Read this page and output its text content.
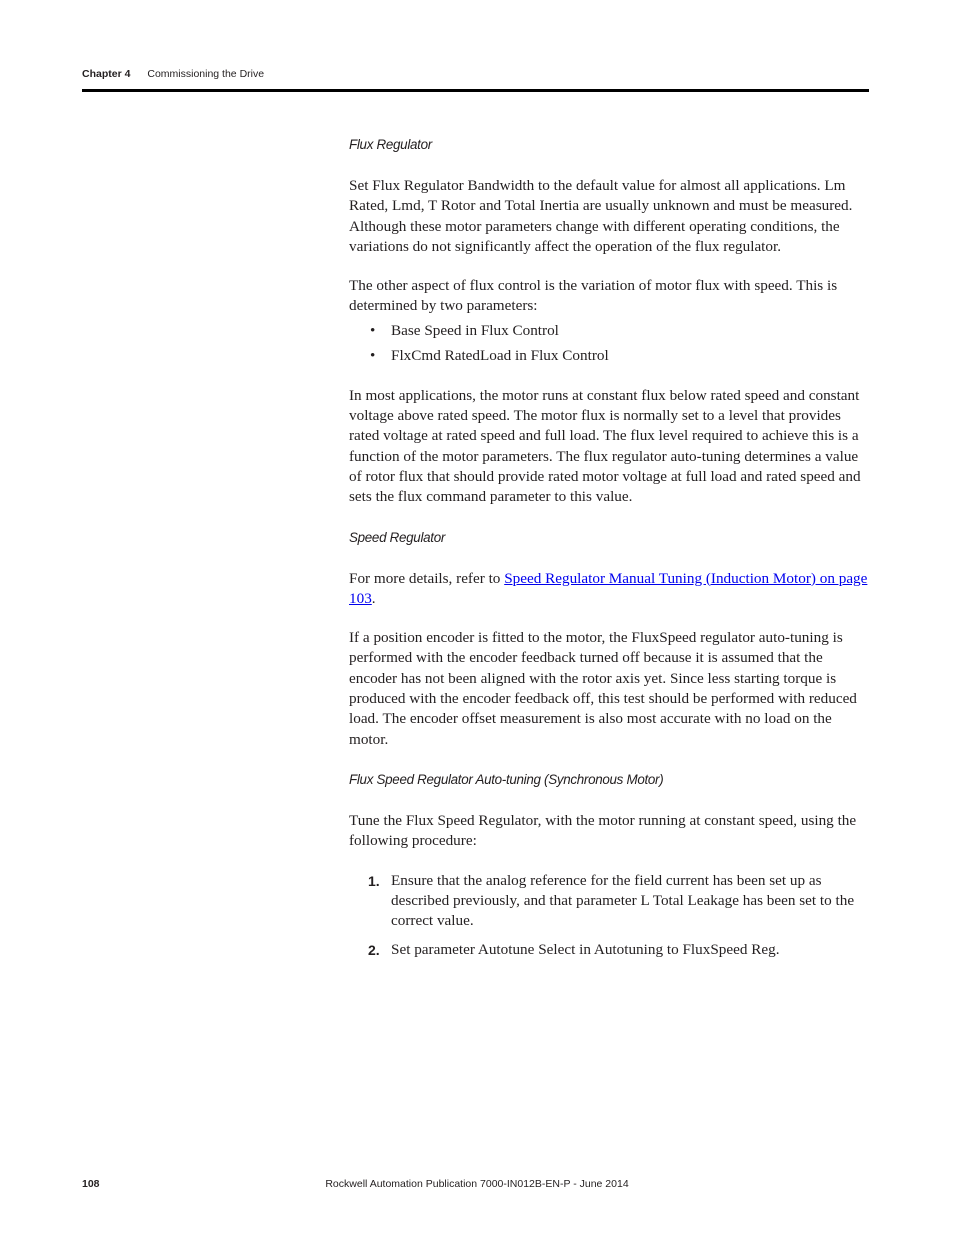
Chapter 4 Commissioning the Drive
Flux Regulator

Set Flux Regulator Bandwidth to the default value for almost all applications. Lm Rated, Lmd, T Rotor and Total Inertia are usually unknown and must be measured. Although these motor parameters change with different operating conditions, the variations do not significantly affect the operation of the flux regulator.

The other aspect of flux control is the variation of motor flux with speed. This is determined by two parameters:

• Base Speed in Flux Control
• FlxCmd RatedLoad in Flux Control

In most applications, the motor runs at constant flux below rated speed and constant voltage above rated speed. The motor flux is normally set to a level that provides rated voltage at rated speed and full load. The flux level required to achieve this is a function of the motor parameters. The flux regulator auto-tuning determines a value of rotor flux that should provide rated motor voltage at full load and rated speed and sets the flux command parameter to this value.

Speed Regulator

For more details, refer to Speed Regulator Manual Tuning (Induction Motor) on page 103.

If a position encoder is fitted to the motor, the FluxSpeed regulator auto-tuning is performed with the encoder feedback turned off because it is assumed that the encoder has not been aligned with the rotor axis yet. Since less starting torque is produced with the encoder feedback off, this test should be performed with reduced load. The encoder offset measurement is also most accurate with no load on the motor.

Flux Speed Regulator Auto-tuning (Synchronous Motor)

Tune the Flux Speed Regulator, with the motor running at constant speed, using the following procedure:

1. Ensure that the analog reference for the field current has been set up as described previously, and that parameter L Total Leakage has been set to the correct value.
2. Set parameter Autotune Select in Autotuning to FluxSpeed Reg.
Rockwell Automation Publication 7000-IN012B-EN-P - June 2014
108
